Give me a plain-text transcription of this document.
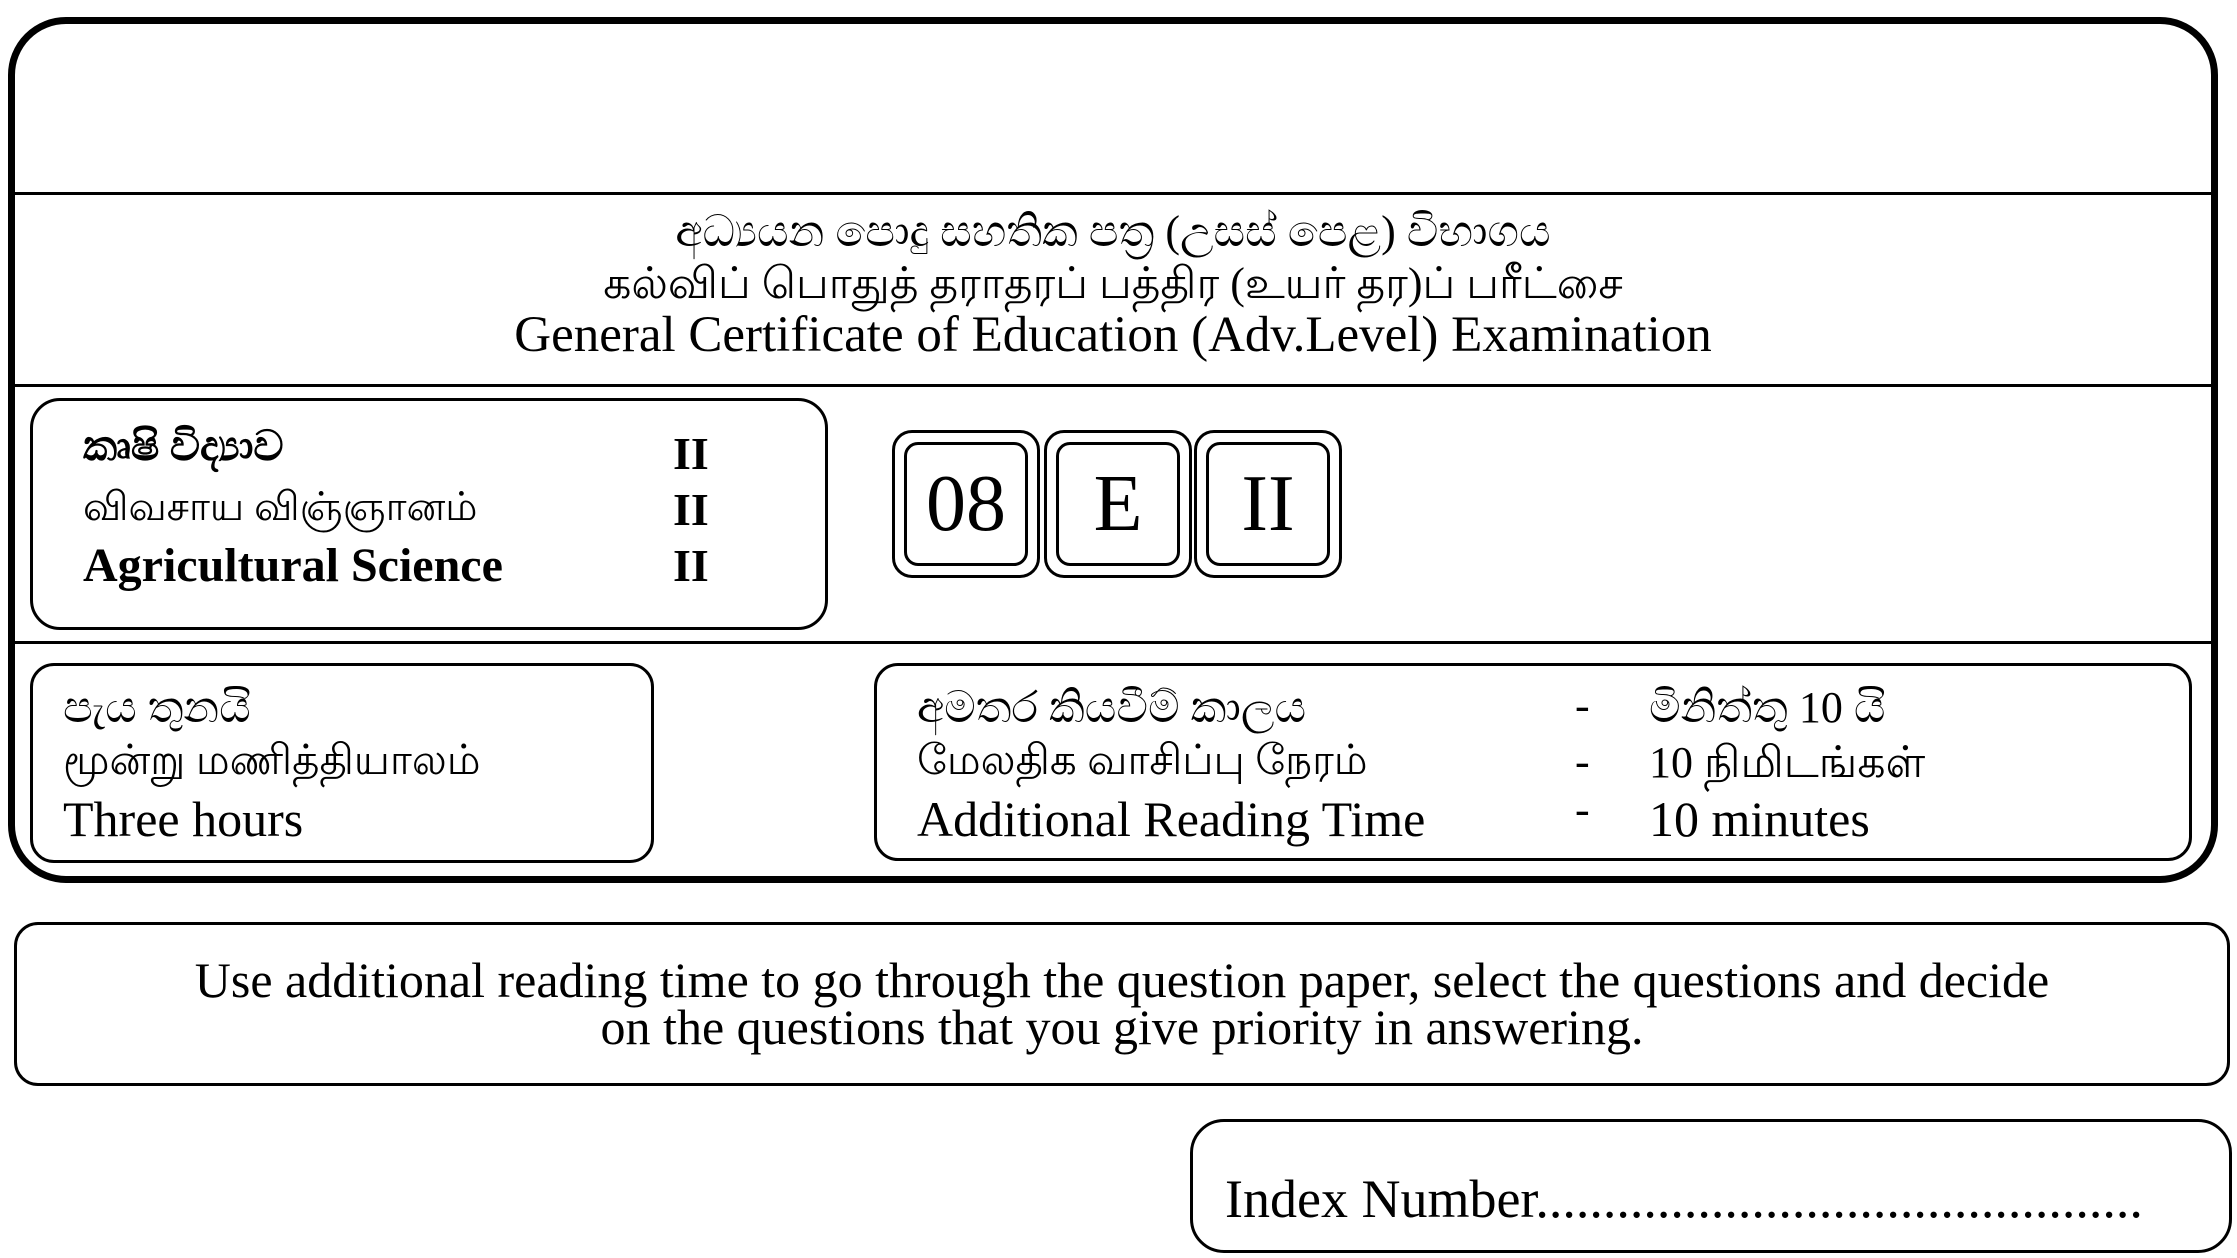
අධ්‍යයන පොදු සහතික පත්‍ර (උසස් පෙළ) විභාගය
கல்விப் பொதுத் தராதரப் பத்திர (உயர் தர)ப் பரீட்சை
General Certificate of Education (Adv.Level) Examination
කෘෂි විද්‍යාව
விவசாய விஞ்ஞானம்
Agricultural Science
II
II
II
08	E	II
පැය තුනයි
மூன்று மணித்தியாலம்
Three hours
අමතර කියවීම් කාලය
மேலதிக வாசிப்பு நேரம்
Additional Reading Time
-
-
-
මිනිත්තු 10 යි
10 நிமிடங்கள்
10 minutes
Use additional reading time to go through the question paper, select the questions and decide
on the questions that you give priority in answering.
Index Number.............................................
